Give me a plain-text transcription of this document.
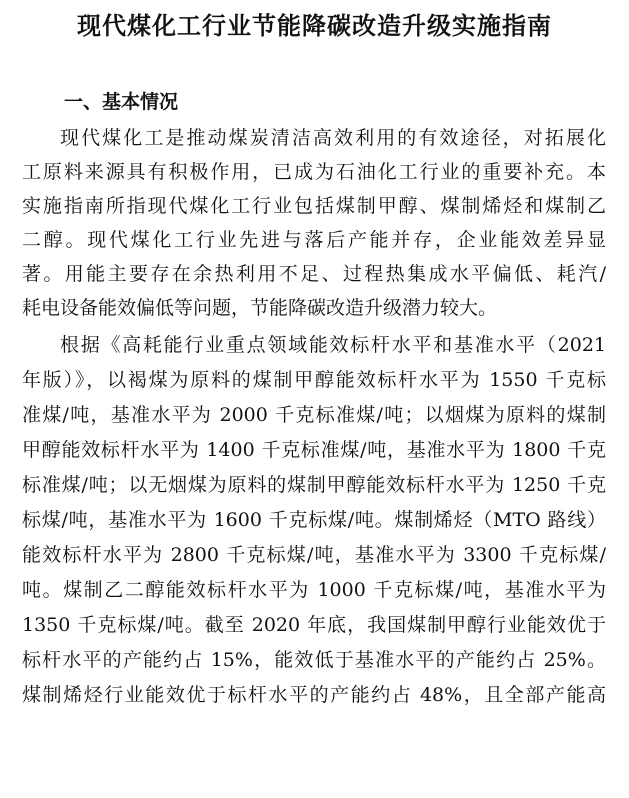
现代煤化工行业节能降碳改造升级实施指南
一、基本情况

现代煤化工是推动煤炭清洁高效利用的有效途径，对拓展化

工原料来源具有积极作用，已成为石油化工行业的重要补充。本

实施指南所指现代煤化工行业包括煤制甲醇、煤制烯烃和煤制乙

二醇。现代煤化工行业先进与落后产能并存，企业能效差异显

著。用能主要存在余热利用不足、过程热集成水平偏低、耗汽/

耗电设备能效偏低等问题，节能降碳改造升级潜力较大。

根据《高耗能行业重点领域能效标杆水平和基准水平（2021

年版）》，以褐煤为原料的煤制甲醇能效标杆水平为 1550 千克标

准煤/吨，基准水平为 2000 千克标准煤/吨；以烟煤为原料的煤制

甲醇能效标杆水平为 1400 千克标准煤/吨，基准水平为 1800 千克

标准煤/吨；以无烟煤为原料的煤制甲醇能效标杆水平为 1250 千克

标煤/吨，基准水平为 1600 千克标煤/吨。煤制烯烃（MTO 路线）

能效标杆水平为 2800 千克标煤/吨，基准水平为 3300 千克标煤/

吨。煤制乙二醇能效标杆水平为 1000 千克标煤/吨，基准水平为

1350 千克标煤/吨。截至 2020 年底，我国煤制甲醇行业能效优于

标杆水平的产能约占 15%，能效低于基准水平的产能约占 25%。

煤制烯烃行业能效优于标杆水平的产能约占 48%，且全部产能高
